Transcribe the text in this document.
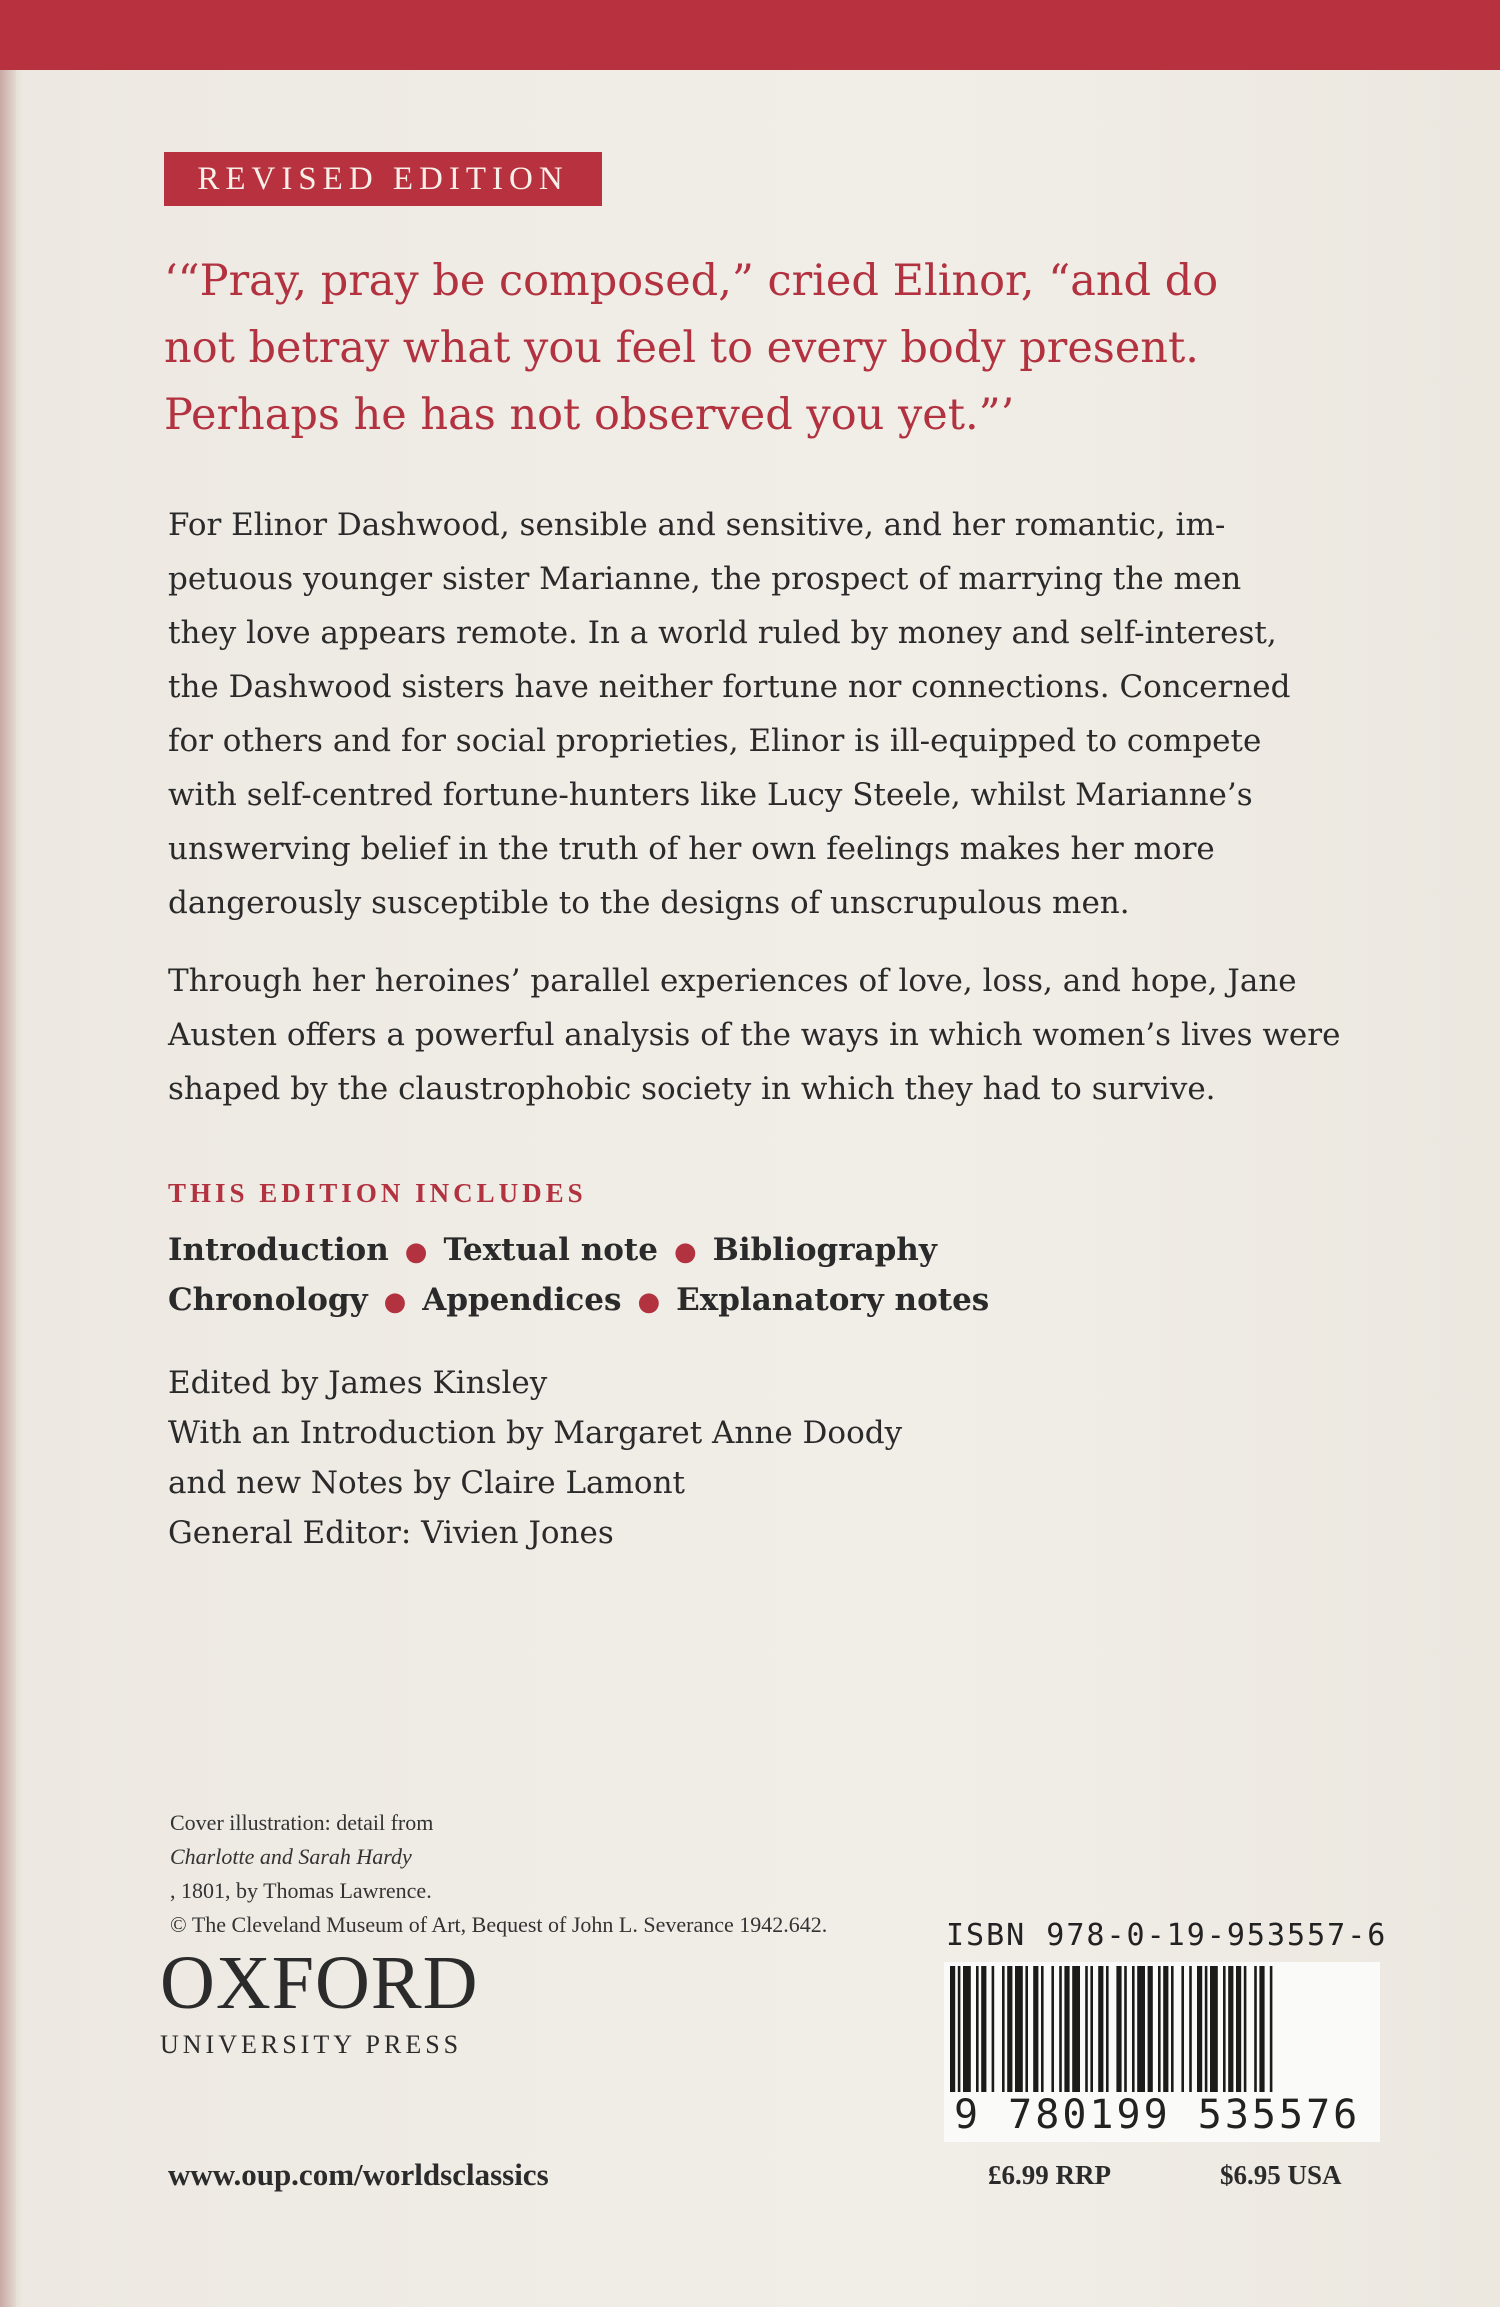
REVISED EDITION

‘“Pray, pray be composed,” cried Elinor, “and do
not betray what you feel to every body present.
Perhaps he has not observed you yet.”’

For Elinor Dashwood, sensible and sensitive, and her romantic, im-
petuous younger sister Marianne, the prospect of marrying the men
they love appears remote. In a world ruled by money and self-interest,
the Dashwood sisters have neither fortune nor connections. Concerned
for others and for social proprieties, Elinor is ill-equipped to compete
with self-centred fortune-hunters like Lucy Steele, whilst Marianne’s
unswerving belief in the truth of her own feelings makes her more
dangerously susceptible to the designs of unscrupulous men.

Through her heroines’ parallel experiences of love, loss, and hope, Jane
Austen offers a powerful analysis of the ways in which women’s lives were
shaped by the claustrophobic society in which they had to survive.

THIS EDITION INCLUDES
Introduction ● Textual note ● Bibliography
Chronology ● Appendices ● Explanatory notes

Edited by James Kinsley
With an Introduction by Margaret Anne Doody
and new Notes by Claire Lamont
General Editor: Vivien Jones

Cover illustration: detail from
Charlotte and Sarah Hardy
, 1801, by Thomas Lawrence.
© The Cleveland Museum of Art, Bequest of John L. Severance 1942.642.
OXFORD
UNIVERSITY PRESS
www.oup.com/worldsclassics
ISBN 978-0-19-953557-6
9 780199 535576
£6.99 RRP	$6.95 USA
